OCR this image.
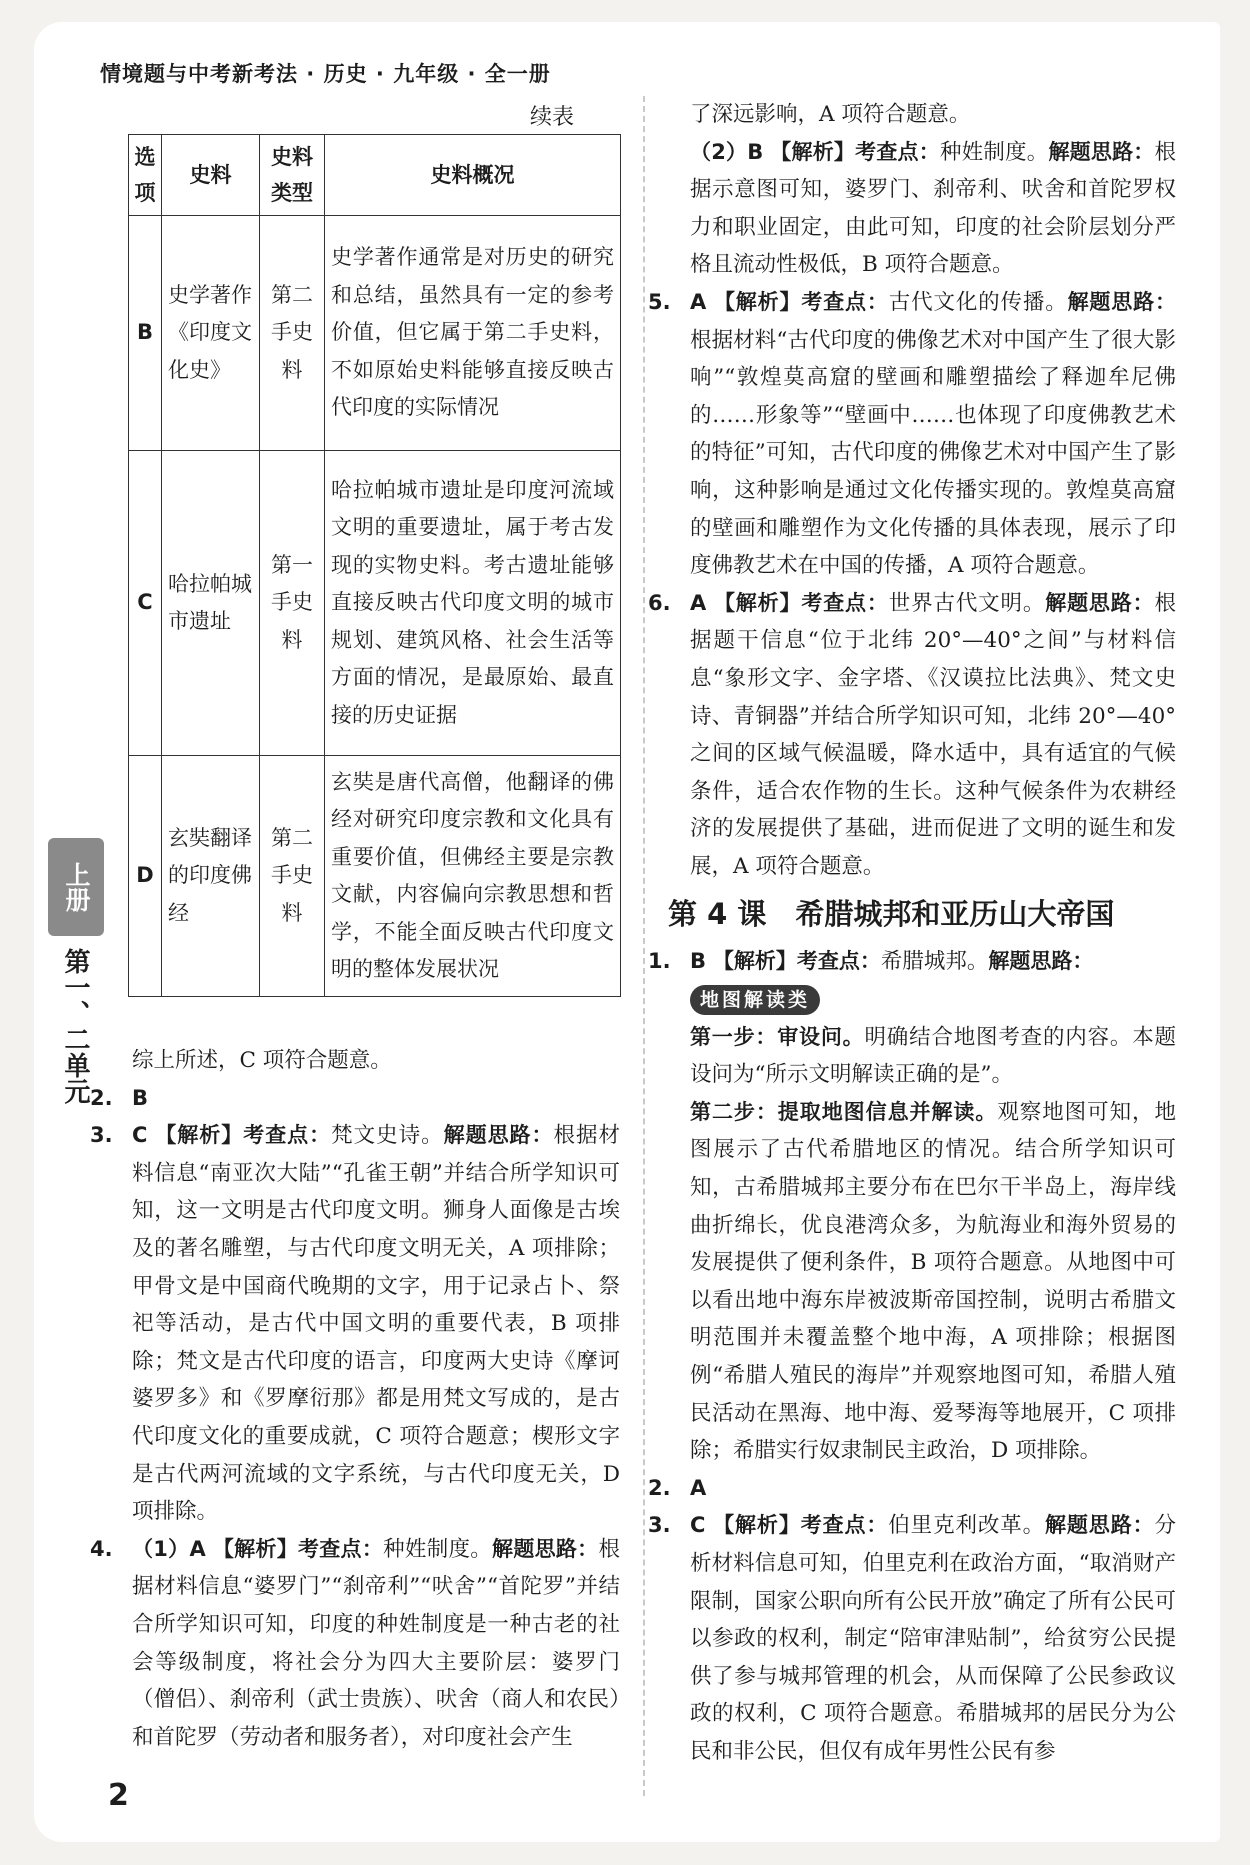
情境题与中考新考法 · 历史 · 九年级 · 全一册
续表
选项	史料	史料类型	史料概况
B	史学著作《印度文化史》	第二手史料	史学著作通常是对历史的研究和总结，虽然具有一定的参考价值，但它属于第二手史料，不如原始史料能够直接反映古代印度的实际情况
C	哈拉帕城市遗址	第一手史料	哈拉帕城市遗址是印度河流域文明的重要遗址，属于考古发现的实物史料。考古遗址能够直接反映古代印度文明的城市规划、建筑风格、社会生活等方面的情况，是最原始、最直接的历史证据
D	玄奘翻译的印度佛经	第二手史料	玄奘是唐代高僧，他翻译的佛经对研究印度宗教和文化具有重要价值，但佛经主要是宗教文献，内容偏向宗教思想和哲学，不能全面反映古代印度文明的整体发展状况
综上所述，C 项符合题意。
2. B
3. C 【解析】考查点：梵文史诗。解题思路：根据材料信息“南亚次大陆”“孔雀王朝”并结合所学知识可知，这一文明是古代印度文明。狮身人面像是古埃及的著名雕塑，与古代印度文明无关，A 项排除；甲骨文是中国商代晚期的文字，用于记录占卜、祭祀等活动，是古代中国文明的重要代表，B 项排除；梵文是古代印度的语言，印度两大史诗《摩诃婆罗多》和《罗摩衍那》都是用梵文写成的，是古代印度文化的重要成就，C 项符合题意；楔形文字是古代两河流域的文字系统，与古代印度无关，D 项排除。
4. （1）A 【解析】考查点：种姓制度。解题思路：根据材料信息“婆罗门”“刹帝利”“吠舍”“首陀罗”并结合所学知识可知，印度的种姓制度是一种古老的社会等级制度，将社会分为四大主要阶层：婆罗门（僧侣）、刹帝利（武士贵族）、吠舍（商人和农民）和首陀罗（劳动者和服务者），对印度社会产生
了深远影响，A 项符合题意。
（2）B 【解析】考查点：种姓制度。解题思路：根据示意图可知，婆罗门、刹帝利、吠舍和首陀罗权力和职业固定，由此可知，印度的社会阶层划分严格且流动性极低，B 项符合题意。
5. A 【解析】考查点：古代文化的传播。解题思路：根据材料“古代印度的佛像艺术对中国产生了很大影响”“敦煌莫高窟的壁画和雕塑描绘了释迦牟尼佛的……形象等”“壁画中……也体现了印度佛教艺术的特征”可知，古代印度的佛像艺术对中国产生了影响，这种影响是通过文化传播实现的。敦煌莫高窟的壁画和雕塑作为文化传播的具体表现，展示了印度佛教艺术在中国的传播，A 项符合题意。
6. A 【解析】考查点：世界古代文明。解题思路：根据题干信息“位于北纬 20°—40°之间”与材料信息“象形文字、金字塔、《汉谟拉比法典》、梵文史诗、青铜器”并结合所学知识可知，北纬 20°—40°之间的区域气候温暖，降水适中，具有适宜的气候条件，适合农作物的生长。这种气候条件为农耕经济的发展提供了基础，进而促进了文明的诞生和发展，A 项符合题意。
第 4 课　希腊城邦和亚历山大帝国
1. B 【解析】考查点：希腊城邦。解题思路：
地图解读类
第一步：审设问。明确结合地图考查的内容。本题设问为“所示文明解读正确的是”。
第二步：提取地图信息并解读。观察地图可知，地图展示了古代希腊地区的情况。结合所学知识可知，古希腊城邦主要分布在巴尔干半岛上，海岸线曲折绵长，优良港湾众多，为航海业和海外贸易的发展提供了便利条件，B 项符合题意。从地图中可以看出地中海东岸被波斯帝国控制，说明古希腊文明范围并未覆盖整个地中海，A 项排除；根据图例“希腊人殖民的海岸”并观察地图可知，希腊人殖民活动在黑海、地中海、爱琴海等地展开，C 项排除；希腊实行奴隶制民主政治，D 项排除。
2. A
3. C 【解析】考查点：伯里克利改革。解题思路：分析材料信息可知，伯里克利在政治方面，“取消财产限制，国家公职向所有公民开放”确定了所有公民可以参政的权利，制定“陪审津贴制”，给贫穷公民提供了参与城邦管理的机会，从而保障了公民参政议政的权利，C 项符合题意。希腊城邦的居民分为公民和非公民，但仅有成年男性公民有参
上册
第一、二单元
2
